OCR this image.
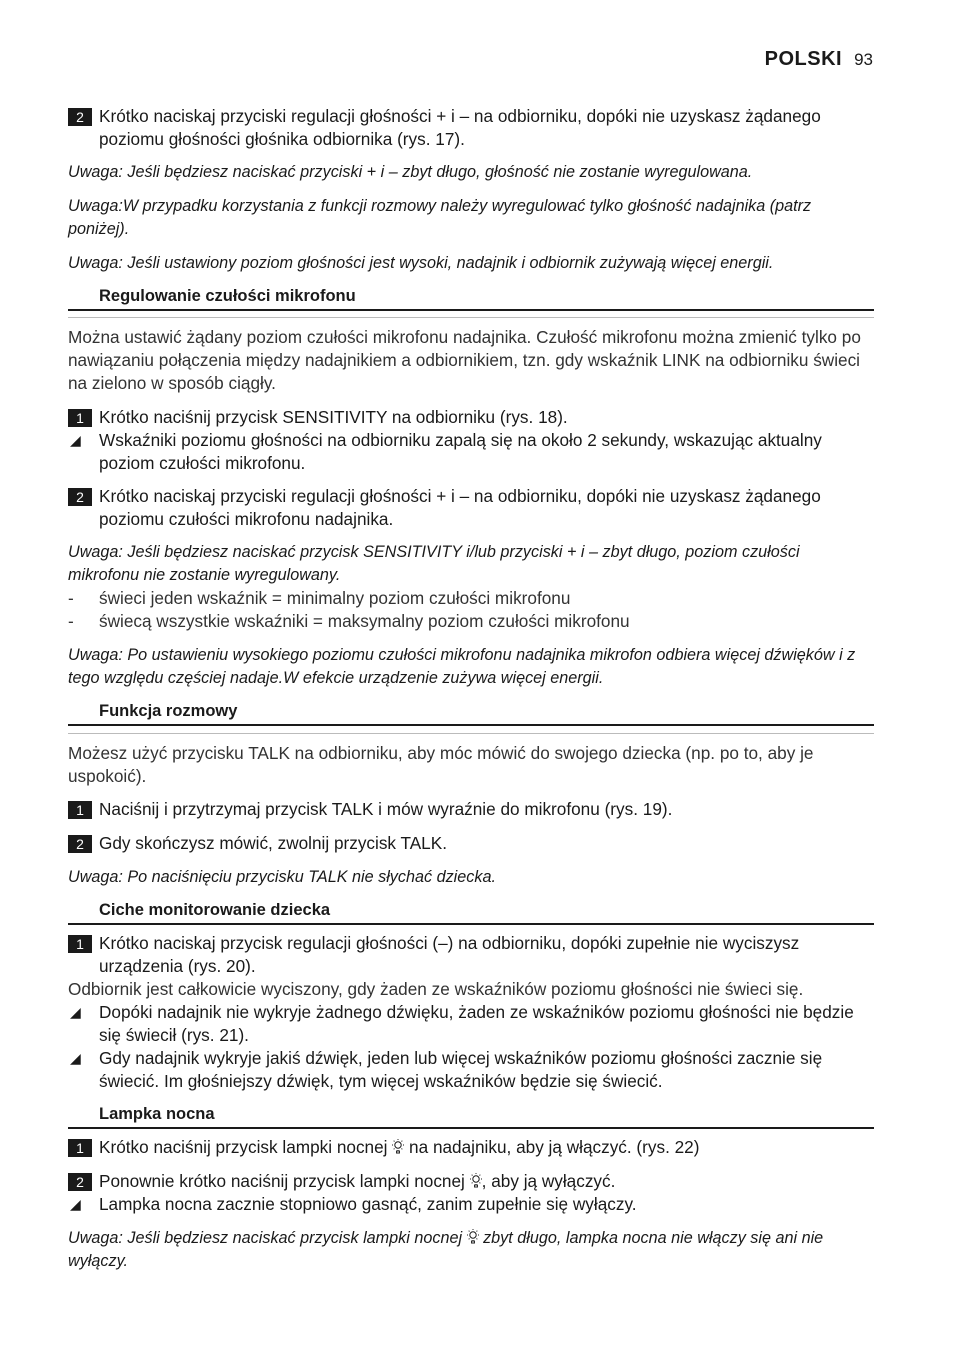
POLSKI 93

2 Krótko naciskaj przyciski regulacji głośności + i – na odbiorniku, dopóki nie uzyskasz żądanego poziomu głośności głośnika odbiornika (rys. 17).

Uwaga: Jeśli będziesz naciskać przyciski + i – zbyt długo, głośność nie zostanie wyregulowana.

Uwaga:W przypadku korzystania z funkcji rozmowy należy wyregulować tylko głośność nadajnika (patrz poniżej).

Uwaga: Jeśli ustawiony poziom głośności jest wysoki, nadajnik i odbiornik zużywają więcej energii.

Regulowanie czułości mikrofonu

Można ustawić żądany poziom czułości mikrofonu nadajnika. Czułość mikrofonu można zmienić tylko po nawiązaniu połączenia między nadajnikiem a odbiornikiem, tzn. gdy wskaźnik LINK na odbiorniku świeci na zielono w sposób ciągły.

1 Krótko naciśnij przycisk SENSITIVITY na odbiorniku (rys. 18).

◢ Wskaźniki poziomu głośności na odbiorniku zapalą się na około 2 sekundy, wskazując aktualny poziom czułości mikrofonu.

2 Krótko naciskaj przyciski regulacji głośności + i – na odbiorniku, dopóki nie uzyskasz żądanego poziomu czułości mikrofonu nadajnika.

Uwaga: Jeśli będziesz naciskać przycisk SENSITIVITY i/lub przyciski + i – zbyt długo, poziom czułości mikrofonu nie zostanie wyregulowany.

- świeci jeden wskaźnik = minimalny poziom czułości mikrofonu

- świecą wszystkie wskaźniki = maksymalny poziom czułości mikrofonu

Uwaga: Po ustawieniu wysokiego poziomu czułości mikrofonu nadajnika mikrofon odbiera więcej dźwięków i z tego względu częściej nadaje.W efekcie urządzenie zużywa więcej energii.

Funkcja rozmowy

Możesz użyć przycisku TALK na odbiorniku, aby móc mówić do swojego dziecka (np. po to, aby je uspokoić).

1 Naciśnij i przytrzymaj przycisk TALK i mów wyraźnie do mikrofonu (rys. 19).

2 Gdy skończysz mówić, zwolnij przycisk TALK.

Uwaga: Po naciśnięciu przycisku TALK nie słychać dziecka.

Ciche monitorowanie dziecka

1 Krótko naciskaj przycisk regulacji głośności (–) na odbiorniku, dopóki zupełnie nie wyciszysz urządzenia (rys. 20).

Odbiornik jest całkowicie wyciszony, gdy żaden ze wskaźników poziomu głośności nie świeci się.

◢ Dopóki nadajnik nie wykryje żadnego dźwięku, żaden ze wskaźników poziomu głośności nie będzie się świecił (rys. 21).

◢ Gdy nadajnik wykryje jakiś dźwięk, jeden lub więcej wskaźników poziomu głośności zacznie się świecić. Im głośniejszy dźwięk, tym więcej wskaźników będzie się świecić.

Lampka nocna

1 Krótko naciśnij przycisk lampki nocnej na nadajniku, aby ją włączyć. (rys. 22)

2 Ponownie krótko naciśnij przycisk lampki nocnej , aby ją wyłączyć.

◢ Lampka nocna zacznie stopniowo gasnąć, zanim zupełnie się wyłączy.

Uwaga: Jeśli będziesz naciskać przycisk lampki nocnej zbyt długo, lampka nocna nie włączy się ani nie wyłączy.
